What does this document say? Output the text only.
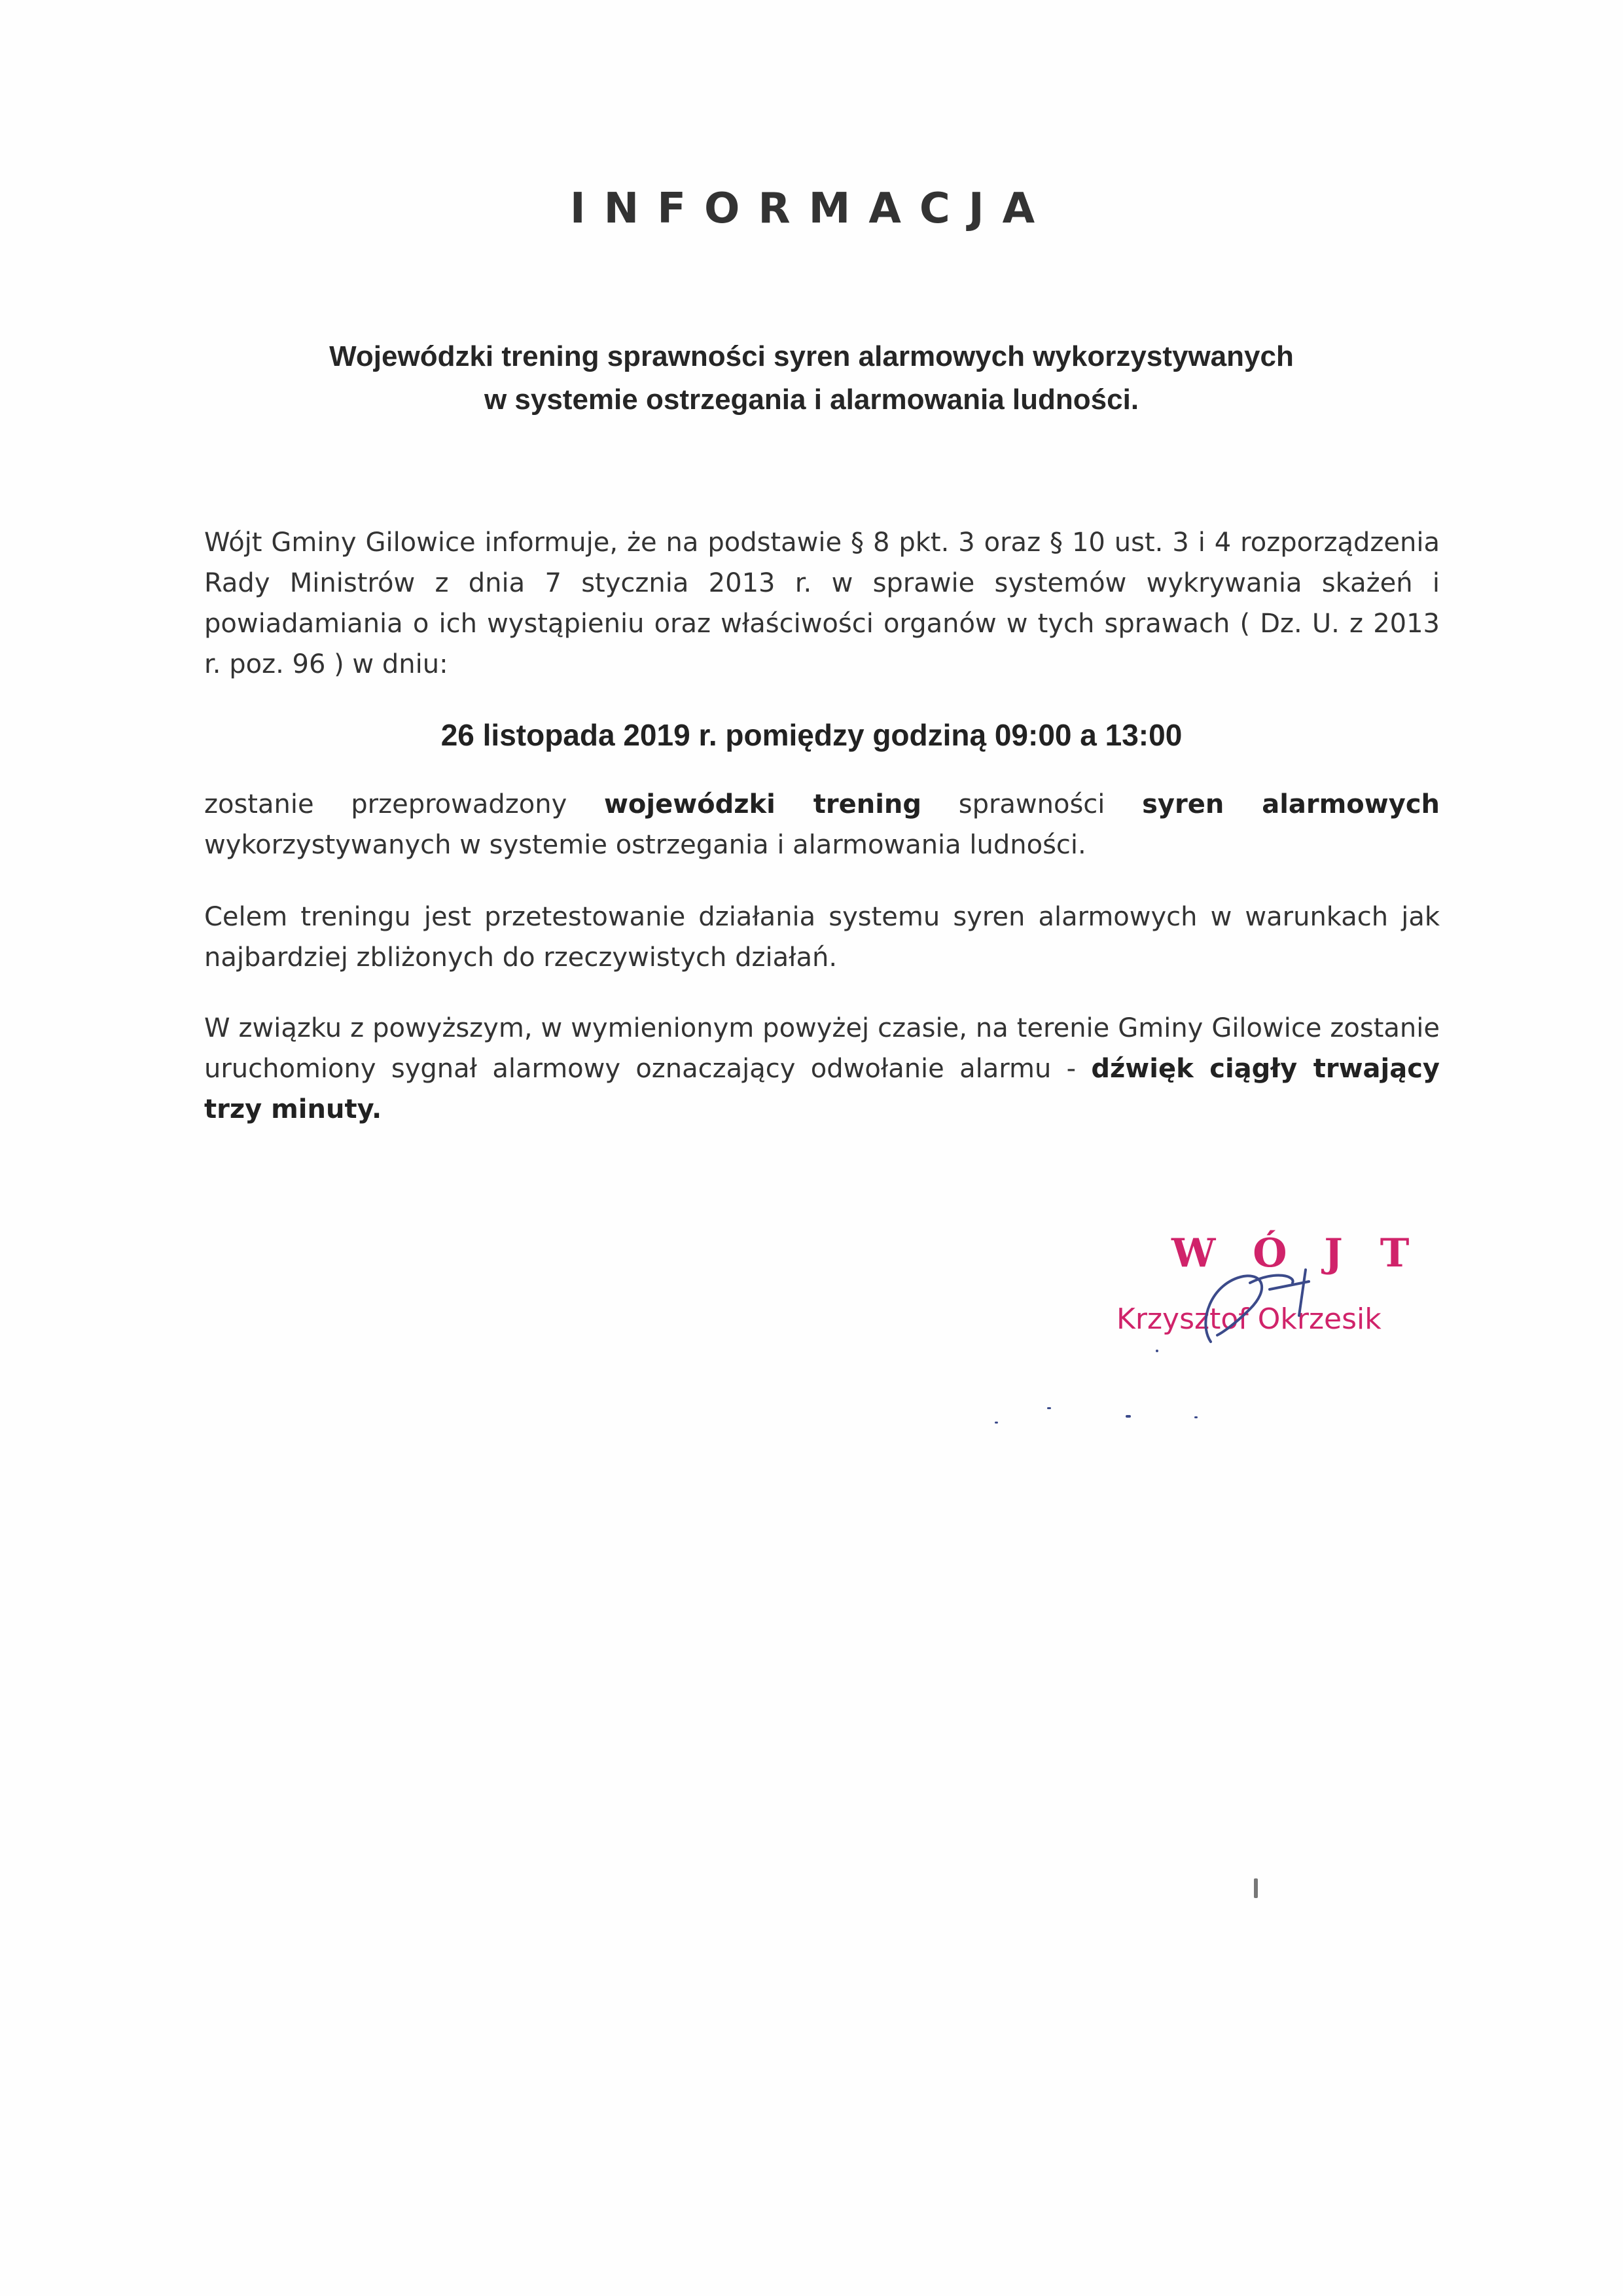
INFORMACJA
Wojewódzki trening sprawności syren alarmowych wykorzystywanych
w systemie ostrzegania i alarmowania ludności.
Wójt Gminy Gilowice informuje, że na podstawie § 8 pkt. 3 oraz § 10 ust. 3 i 4 rozporządzenia Rady Ministrów z dnia 7 stycznia 2013 r. w sprawie systemów wykrywania skażeń i powiadamiania o ich wystąpieniu oraz właściwości organów w tych sprawach ( Dz. U. z 2013 r. poz. 96 ) w dniu:
26 listopada 2019 r. pomiędzy godziną 09:00 a 13:00
zostanie przeprowadzony wojewódzki trening sprawności syren alarmowych wykorzystywanych w systemie ostrzegania i alarmowania ludności.
Celem treningu jest przetestowanie działania systemu syren alarmowych w warunkach jak najbardziej zbliżonych do rzeczywistych działań.
W związku z powyższym, w wymienionym powyżej czasie, na terenie Gminy Gilowice zostanie uruchomiony sygnał alarmowy oznaczający odwołanie alarmu - dźwięk ciągły trwający trzy minuty.
W Ó J T
Krzysztof Okrzesik
